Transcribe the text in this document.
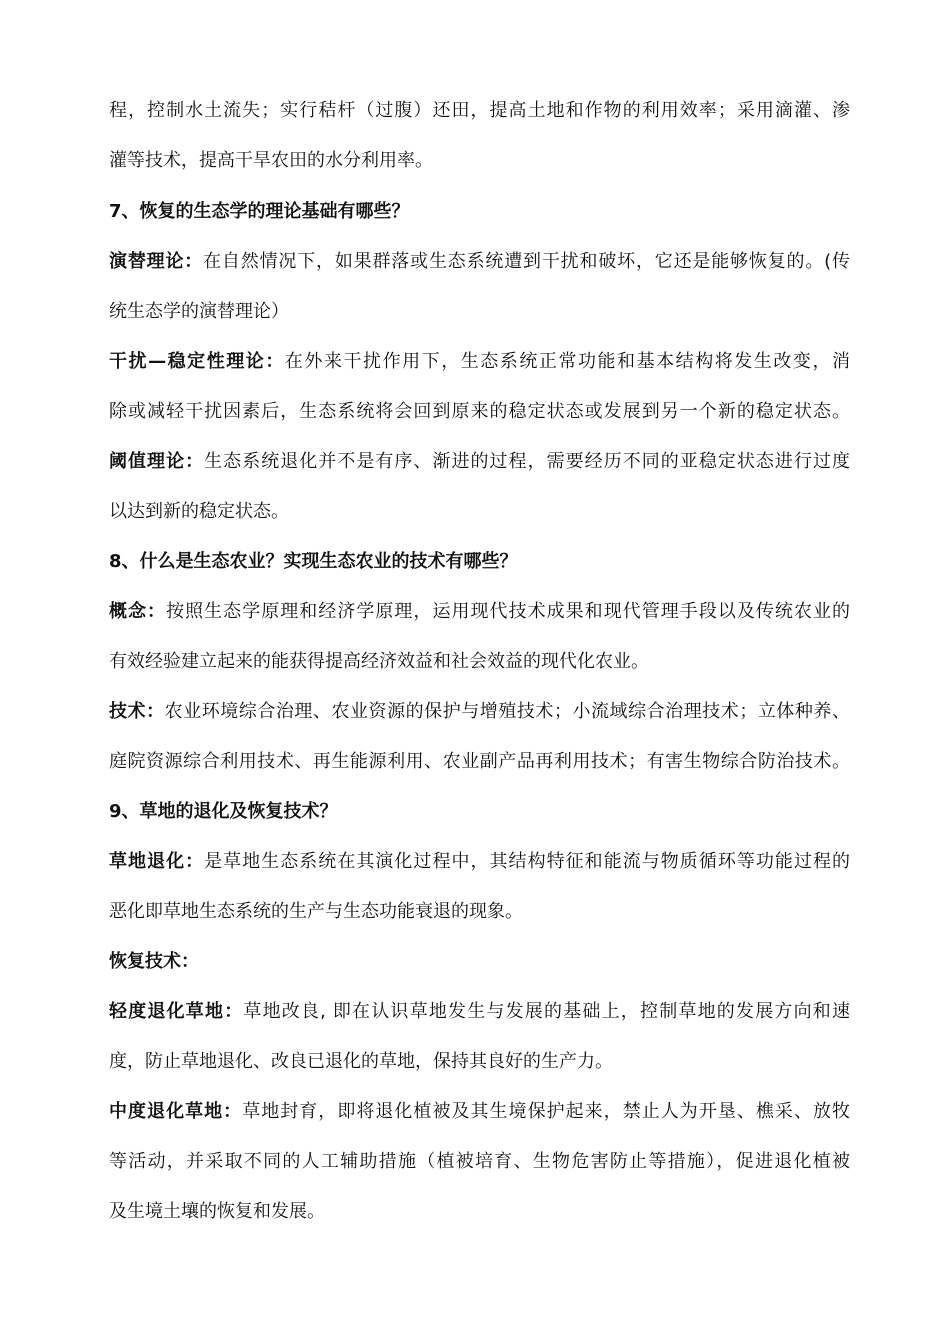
程，控制水土流失；实行秸杆（过腹）还田，提高土地和作物的利用效率；采用滴灌、渗
灌等技术，提高干旱农田的水分利用率。
7、恢复的生态学的理论基础有哪些？
演替理论：在自然情况下，如果群落或生态系统遭到干扰和破坏，它还是能够恢复的。(传
统生态学的演替理论）
干扰—稳定性理论：在外来干扰作用下，生态系统正常功能和基本结构将发生改变，消
除或减轻干扰因素后，生态系统将会回到原来的稳定状态或发展到另一个新的稳定状态。
阈值理论：生态系统退化并不是有序、渐进的过程，需要经历不同的亚稳定状态进行过度
以达到新的稳定状态。
8、什么是生态农业？实现生态农业的技术有哪些？
概念：按照生态学原理和经济学原理，运用现代技术成果和现代管理手段以及传统农业的
有效经验建立起来的能获得提高经济效益和社会效益的现代化农业。
技术：农业环境综合治理、农业资源的保护与增殖技术；小流域综合治理技术；立体种养、
庭院资源综合利用技术、再生能源利用、农业副产品再利用技术；有害生物综合防治技术。
9、草地的退化及恢复技术？
草地退化：是草地生态系统在其演化过程中，其结构特征和能流与物质循环等功能过程的
恶化即草地生态系统的生产与生态功能衰退的现象。
恢复技术：
轻度退化草地：草地改良, 即在认识草地发生与发展的基础上，控制草地的发展方向和速
度，防止草地退化、改良已退化的草地，保持其良好的生产力。
中度退化草地：草地封育，即将退化植被及其生境保护起来，禁止人为开垦、樵采、放牧
等活动，并采取不同的人工辅助措施（植被培育、生物危害防止等措施），促进退化植被
及生境土壤的恢复和发展。
